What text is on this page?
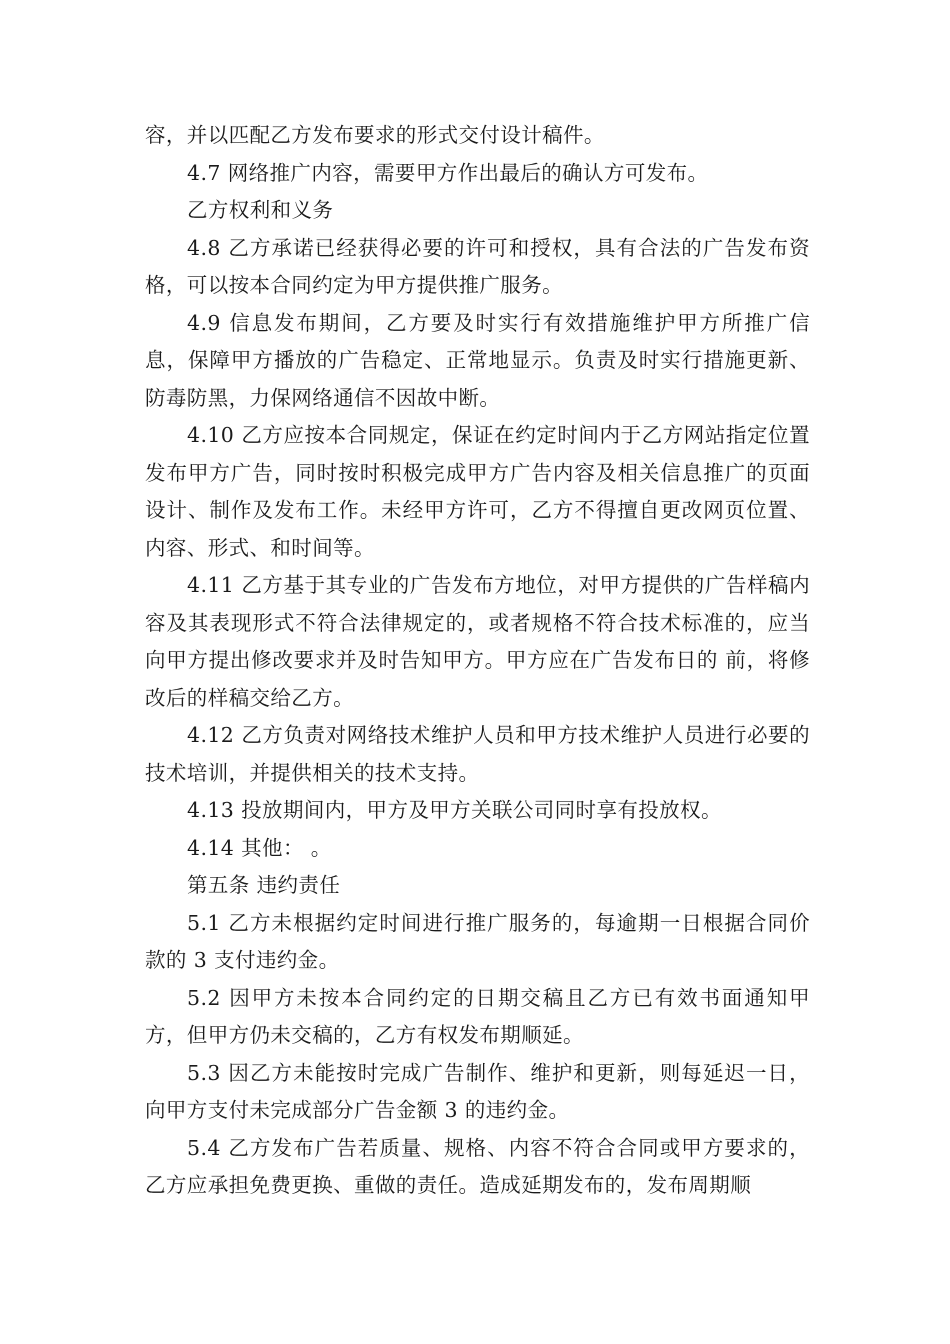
容，并以匹配乙方发布要求的形式交付设计稿件。

4.7 网络推广内容，需要甲方作出最后的确认方可发布。

乙方权利和义务

4.8 乙方承诺已经获得必要的许可和授权，具有合法的广告发布资格，可以按本合同约定为甲方提供推广服务。

4.9 信息发布期间，乙方要及时实行有效措施维护甲方所推广信息，保障甲方播放的广告稳定、正常地显示。负责及时实行措施更新、防毒防黑，力保网络通信不因故中断。

4.10 乙方应按本合同规定，保证在约定时间内于乙方网站指定位置发布甲方广告，同时按时积极完成甲方广告内容及相关信息推广的页面设计、制作及发布工作。未经甲方许可，乙方不得擅自更改网页位置、内容、形式、和时间等。

4.11 乙方基于其专业的广告发布方地位，对甲方提供的广告样稿内容及其表现形式不符合法律规定的，或者规格不符合技术标准的，应当向甲方提出修改要求并及时告知甲方。甲方应在广告发布日的 前，将修改后的样稿交给乙方。

4.12 乙方负责对网络技术维护人员和甲方技术维护人员进行必要的技术培训，并提供相关的技术支持。

4.13 投放期间内，甲方及甲方关联公司同时享有投放权。

4.14 其他： 。

第五条 违约责任

5.1 乙方未根据约定时间进行推广服务的，每逾期一日根据合同价款的 3 支付违约金。

5.2 因甲方未按本合同约定的日期交稿且乙方已有效书面通知甲方，但甲方仍未交稿的，乙方有权发布期顺延。

5.3 因乙方未能按时完成广告制作、维护和更新，则每延迟一日，向甲方支付未完成部分广告金额 3 的违约金。

5.4 乙方发布广告若质量、规格、内容不符合合同或甲方要求的，乙方应承担免费更换、重做的责任。造成延期发布的，发布周期顺
